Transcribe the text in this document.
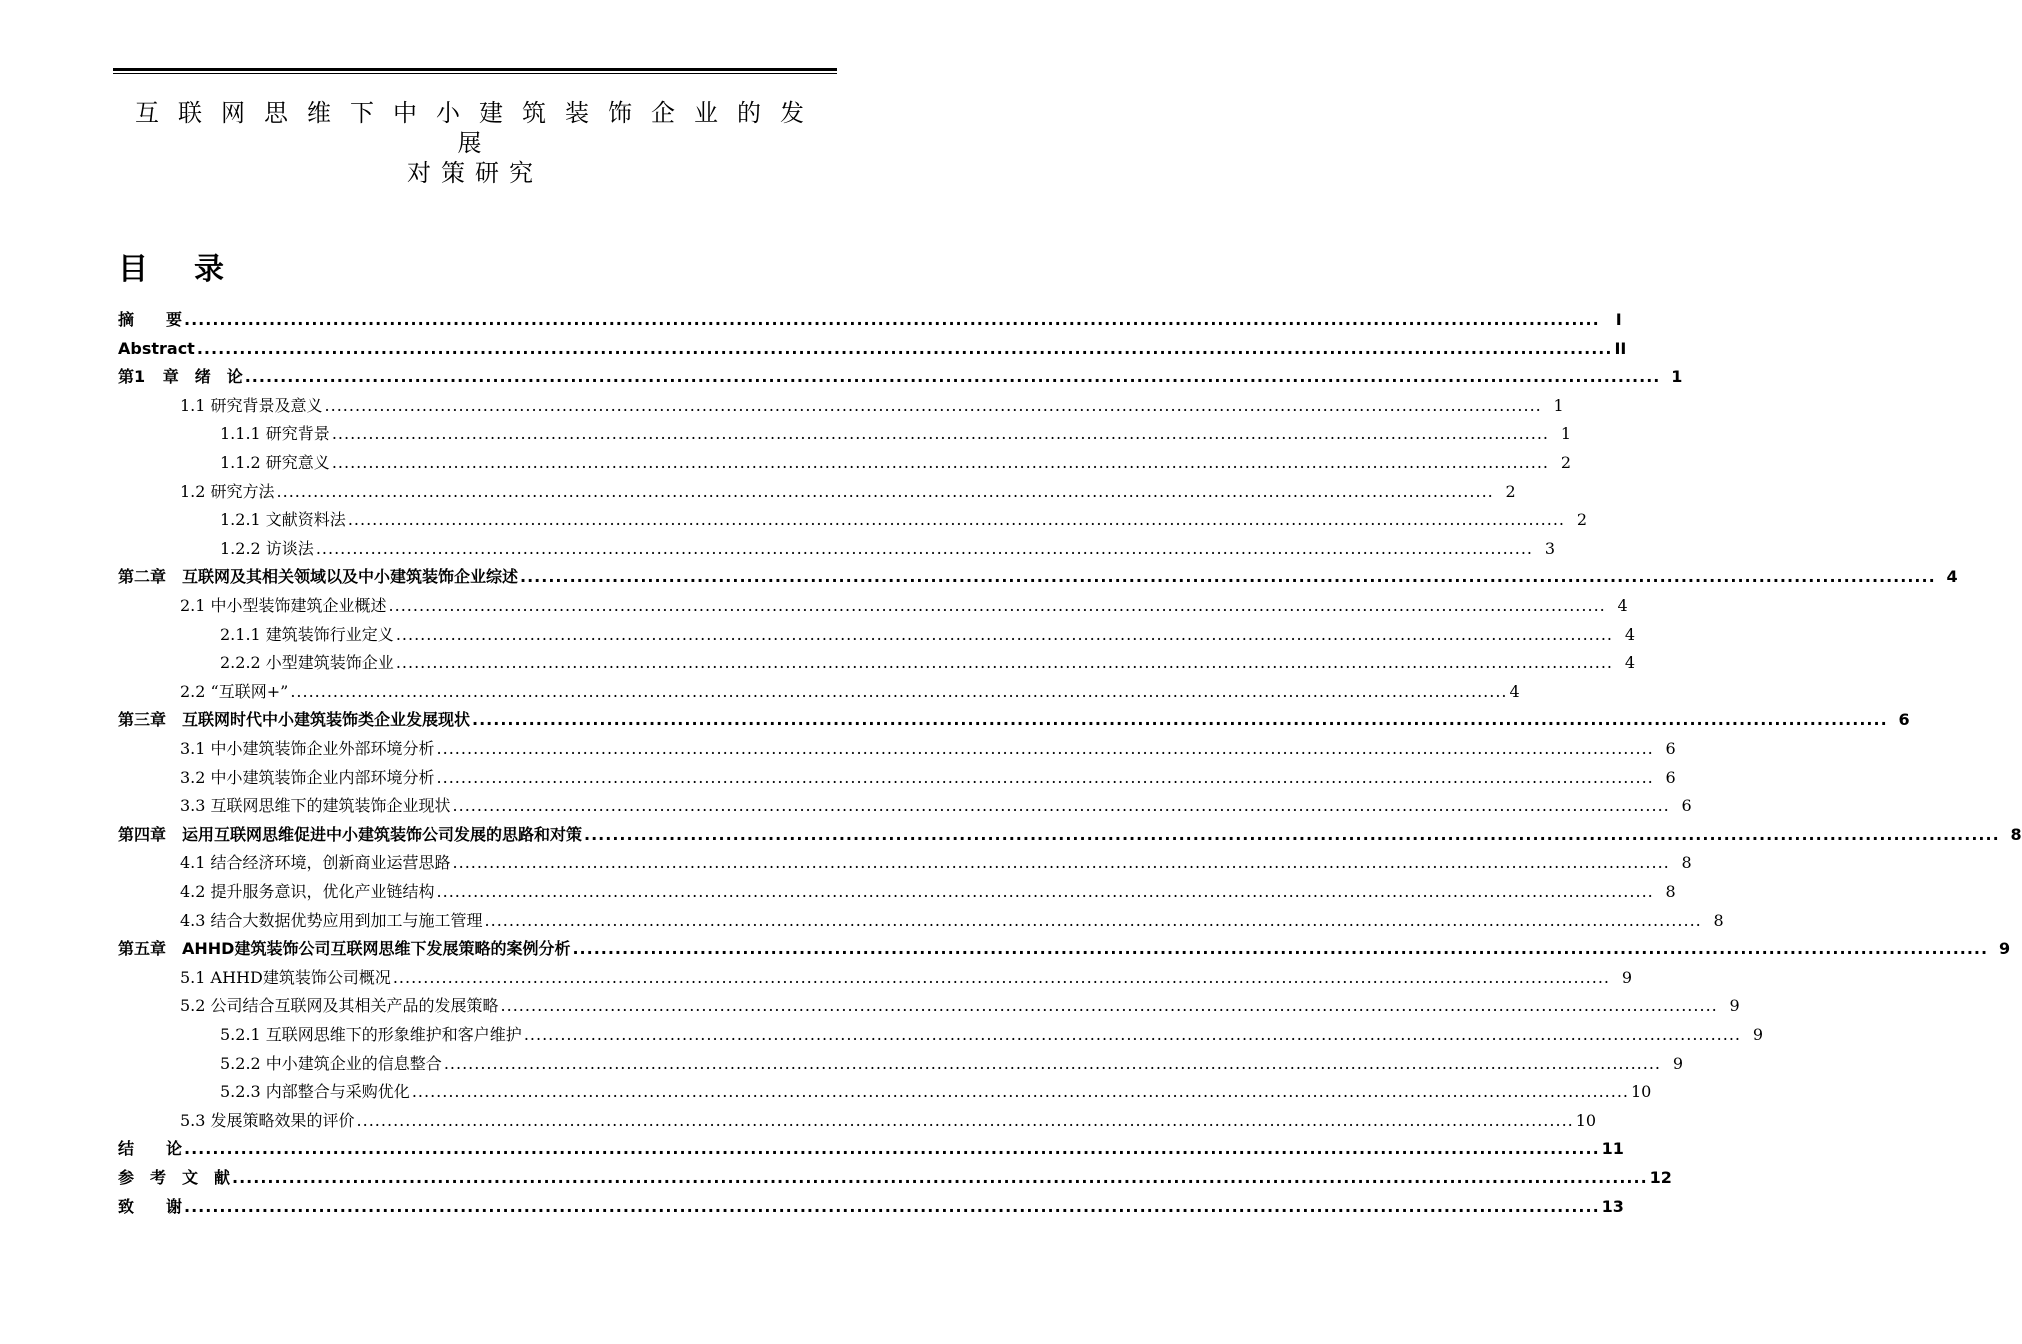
互联网思维下中小建筑装饰企业的发展
对策研究
目录
摘　　要 ........................................................................................................................................................................................................	I
Abstract ........................................................................................................................................................................................................ II
第1 章　绪　论 ........................................................................................................................................................................................................ 1
1.1 研究背景及意义 ........................................................................................................................................................................................................ 1
1.1.1 研究背景 ........................................................................................................................................................................................................ 1
1.1.2 研究意义 ........................................................................................................................................................................................................ 2
1.2 研究方法 ........................................................................................................................................................................................................ 2
1.2.1 文献资料法 ........................................................................................................................................................................................................ 2
1.2.2 访谈法 ........................................................................................................................................................................................................ 3
第二章　互联网及其相关领域以及中小建筑装饰企业综述 ........................................................................................................................................................................................................ 4
2.1 中小型装饰建筑企业概述 ........................................................................................................................................................................................................ 4
2.1.1 建筑装饰行业定义 ........................................................................................................................................................................................................ 4
2.2.2 小型建筑装饰企业 ........................................................................................................................................................................................................ 4
2.2 “互联网+” ........................................................................................................................................................................................................ 4
第三章　互联网时代中小建筑装饰类企业发展现状 ........................................................................................................................................................................................................ 6
3.1 中小建筑装饰企业外部环境分析 ........................................................................................................................................................................................................ 6
3.2 中小建筑装饰企业内部环境分析 ........................................................................................................................................................................................................ 6
3.3 互联网思维下的建筑装饰企业现状 ........................................................................................................................................................................................................ 6
第四章　运用互联网思维促进中小建筑装饰公司发展的思路和对策 ........................................................................................................................................................................................................ 8
4.1 结合经济环境，创新商业运营思路 ........................................................................................................................................................................................................ 8
4.2 提升服务意识，优化产业链结构 ........................................................................................................................................................................................................ 8
4.3 结合大数据优势应用到加工与施工管理 ........................................................................................................................................................................................................ 8
第五章　AHHD建筑装饰公司互联网思维下发展策略的案例分析 ........................................................................................................................................................................................................ 9
5.1 AHHD建筑装饰公司概况 ........................................................................................................................................................................................................ 9
5.2 公司结合互联网及其相关产品的发展策略 ........................................................................................................................................................................................................ 9
5.2.1 互联网思维下的形象维护和客户维护 ........................................................................................................................................................................................................ 9
5.2.2 中小建筑企业的信息整合 ........................................................................................................................................................................................................ 9
5.2.3 内部整合与采购优化 ........................................................................................................................................................................................................ 10
5.3 发展策略效果的评价 ........................................................................................................................................................................................................ 10
结　　论 ........................................................................................................................................................................................................ 11
参　考　文　献 ........................................................................................................................................................................................................ 12
致　　谢 ........................................................................................................................................................................................................ 13
